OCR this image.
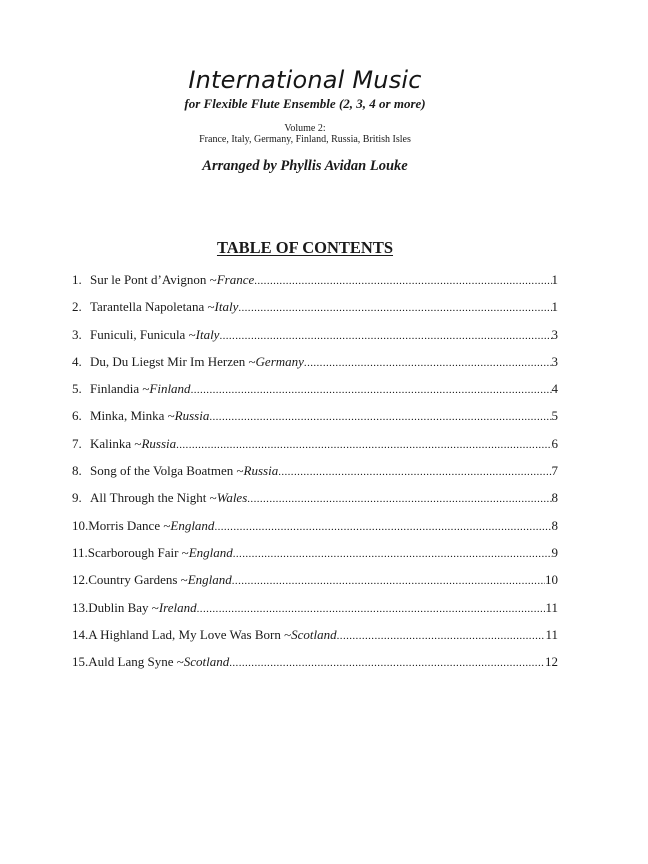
International Music
for Flexible Flute Ensemble (2, 3, 4 or more)
Volume 2:
France, Italy, Germany, Finland, Russia, British Isles
Arranged by Phyllis Avidan Louke
TABLE OF CONTENTS
1. Sur le Pont d’Avignon ~ France .....	1
2. Tarantella Napoletana ~ Italy .....	1
3. Funiculi, Funicula ~ Italy .....	3
4. Du, Du Liegst Mir Im Herzen ~ Germany .....	3
5. Finlandia ~ Finland .....	4
6. Minka, Minka ~ Russia .....	5
7. Kalinka ~ Russia .....	6
8. Song of the Volga Boatmen ~ Russia .....	7
9. All Through the Night ~ Wales .....	8
10. Morris Dance ~ England .....	8
11. Scarborough Fair ~ England .....	9
12. Country Gardens ~ England .....	10
13. Dublin Bay ~ Ireland .....	11
14. A Highland Lad, My Love Was Born ~ Scotland .....	11
15. Auld Lang Syne ~ Scotland .....	12
